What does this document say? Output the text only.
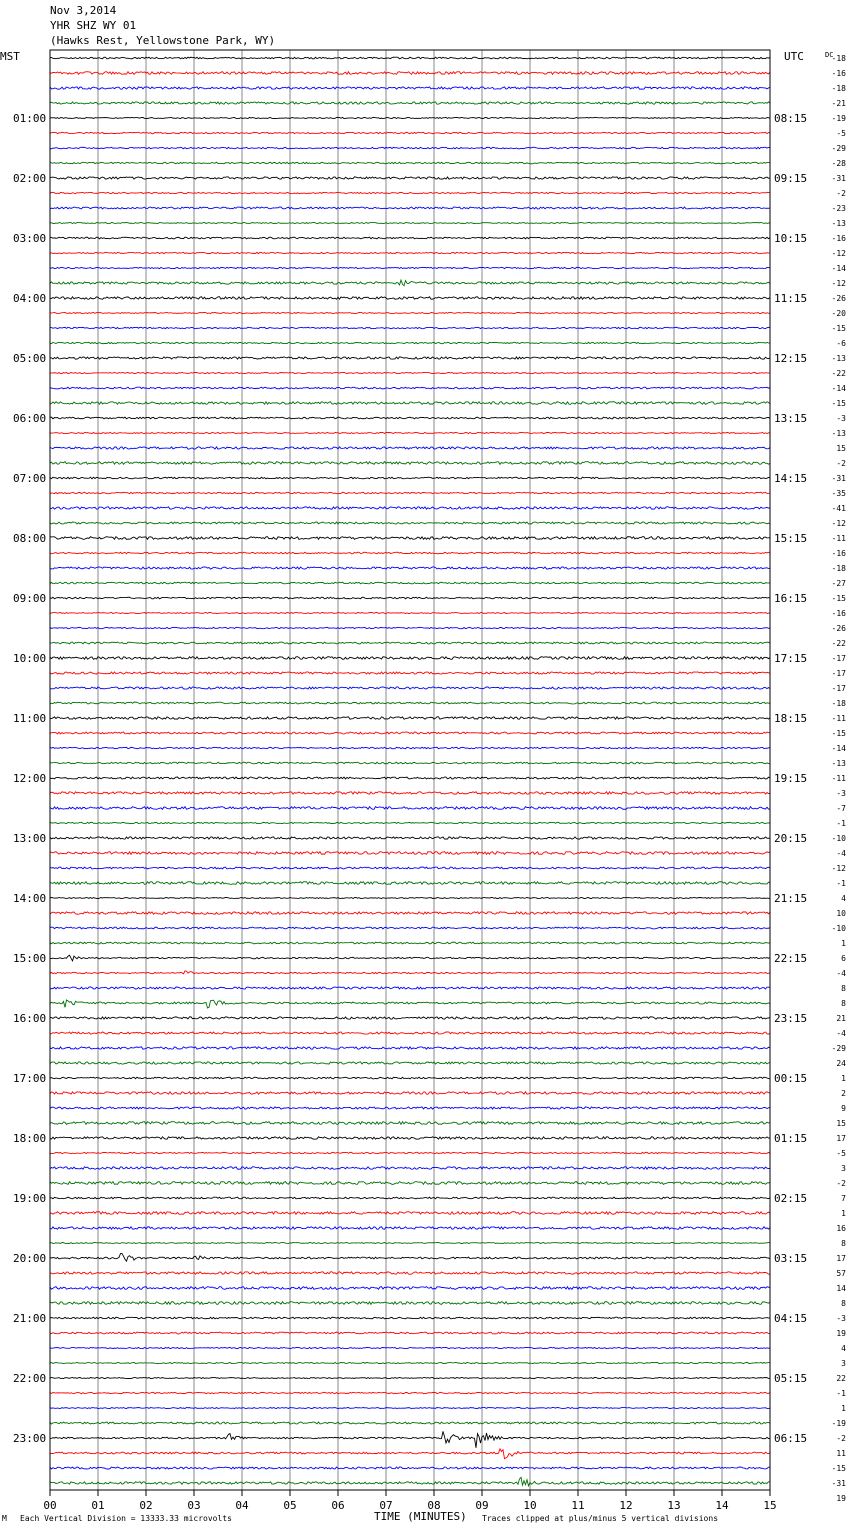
Nov 3,2014
YHR SHZ WY 01
(Hawks Rest, Yellowstone Park, WY)
MST	UTC	DC
01:00
02:00
03:00
04:00
05:00
06:00
07:00
08:00
09:00
10:00
11:00
12:00
13:00
14:00
15:00
16:00
17:00
18:00
19:00
20:00
21:00
22:00
23:00
08:15
09:15
10:15
11:15
12:15
13:15
14:15
15:15
16:15
17:15
18:15
19:15
20:15
21:15
22:15
23:15
00:15
01:15
02:15
03:15
04:15
05:15
06:15
-18
-16
-18
-21
-19
-5
-29
-28
-31
-2
-23
-13
-16
-12
-14
-12
-26
-20
-15
-6
-13
-22
-14
-15
-3
-13
15
-2
-31
-35
-41
-12
-11
-16
-18
-27
-15
-16
-26
-22
-17
-17
-17
-18
-11
-15
-14
-13
-11
-3
-7
-1
-10
-4
-12
-1
4
10
-10
1
6
-4
8
8
21
-4
-29
24
1
2
9
15
17
-5
3
-2
7
1
16
8
17
57
14
8
-3
19
4
3
22
-1
1
-19
-2
11
-15
-31
19
00	01	02	03	04	05	06	07	08	09	10	11	12	13	14	15
M Each Vertical Division = 13333.33 microvolts	TIME (MINUTES) Traces clipped at plus/minus 5 vertical divisions
